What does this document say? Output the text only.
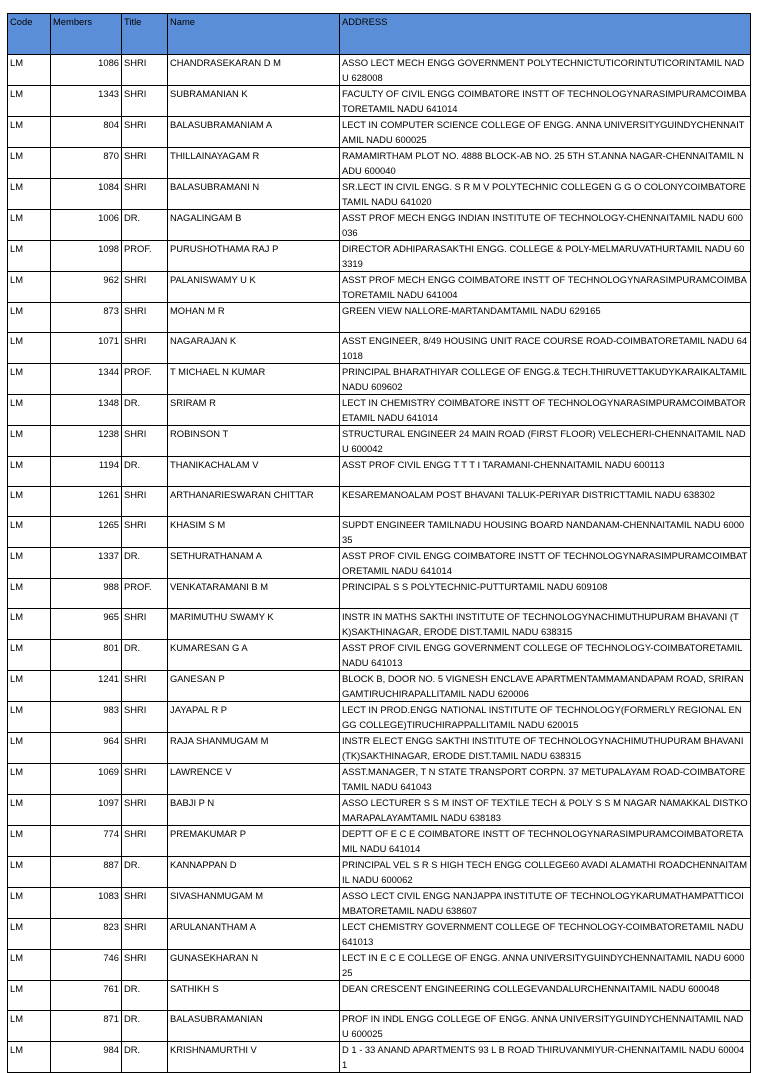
Code	Members	Title	Name	ADDRESS
LM	1086	SHRI	CHANDRASEKARAN D M	ASSO LECT MECH ENGG GOVERNMENT POLYTECHNICTUTICORINTUTICORINTAMIL NADU 628008
LM	1343	SHRI	SUBRAMANIAN K	FACULTY OF CIVIL ENGG COIMBATORE INSTT OF TECHNOLOGYNARASIMPURAMCOIMBATORETAMIL NADU 641014
LM	804	SHRI	BALASUBRAMANIAM A	LECT IN COMPUTER SCIENCE COLLEGE OF ENGG. ANNA UNIVERSITYGUINDYCHENNAITAMIL NADU 600025
LM	870	SHRI	THILLAINAYAGAM R	RAMAMIRTHAM PLOT NO. 4888 BLOCK-AB NO. 25 5TH ST.ANNA NAGAR-CHENNAITAMIL NADU 600040
LM	1084	SHRI	BALASUBRAMANI N	SR.LECT IN CIVIL ENGG. S R M V POLYTECHNIC COLLEGEN G G O COLONYCOIMBATORETAMIL NADU 641020
LM	1006	DR.	NAGALINGAM B	ASST PROF MECH ENGG INDIAN INSTITUTE OF TECHNOLOGY-CHENNAITAMIL NADU 600036
LM	1098	PROF.	PURUSHOTHAMA RAJ P	DIRECTOR ADHIPARASAKTHI ENGG. COLLEGE & POLY-MELMARUVATHURTAMIL NADU 603319
LM	962	SHRI	PALANISWAMY U K	ASST PROF MECH ENGG COIMBATORE INSTT OF TECHNOLOGYNARASIMPURAMCOIMBATORETAMIL NADU 641004
LM	873	SHRI	MOHAN M R	GREEN VIEW NALLORE-MARTANDAMTAMIL NADU 629165
LM	1071	SHRI	NAGARAJAN K	ASST ENGINEER, 8/49 HOUSING UNIT RACE COURSE ROAD-COIMBATORETAMIL NADU 641018
LM	1344	PROF.	T MICHAEL N KUMAR	PRINCIPAL BHARATHIYAR COLLEGE OF ENGG.& TECH.THIRUVETTAKUDYKARAIKALTAMIL NADU 609602
LM	1348	DR.	SRIRAM R	LECT IN CHEMISTRY COIMBATORE INSTT OF TECHNOLOGYNARASIMPURAMCOIMBATORETAMIL NADU 641014
LM	1238	SHRI	ROBINSON T	STRUCTURAL ENGINEER 24 MAIN ROAD (FIRST FLOOR) VELECHERI-CHENNAITAMIL NADU 600042
LM	1194	DR.	THANIKACHALAM V	ASST PROF CIVIL ENGG T T T I TARAMANI-CHENNAITAMIL NADU 600113
LM	1261	SHRI	ARTHANARIESWARAN CHITTAR	KESAREMANOALAM POST BHAVANI TALUK-PERIYAR DISTRICTTAMIL NADU 638302
LM	1265	SHRI	KHASIM S M	SUPDT ENGINEER TAMILNADU HOUSING BOARD NANDANAM-CHENNAITAMIL NADU 600035
LM	1337	DR.	SETHURATHANAM A	ASST PROF CIVIL ENGG COIMBATORE INSTT OF TECHNOLOGYNARASIMPURAMCOIMBATORETAMIL NADU 641014
LM	988	PROF.	VENKATARAMANI B M	PRINCIPAL S S POLYTECHNIC-PUTTURTAMIL NADU 609108
LM	965	SHRI	MARIMUTHU SWAMY K	INSTR IN MATHS SAKTHI INSTITUTE OF TECHNOLOGYNACHIMUTHUPURAM BHAVANI (TK)SAKTHINAGAR, ERODE DIST.TAMIL NADU 638315
LM	801	DR.	KUMARESAN G A	ASST PROF CIVIL ENGG GOVERNMENT COLLEGE OF TECHNOLOGY-COIMBATORETAMIL NADU 641013
LM	1241	SHRI	GANESAN P	BLOCK B, DOOR NO. 5 VIGNESH ENCLAVE APARTMENTAMMAMANDAPAM ROAD, SRIRANGAMTIRUCHIRAPALLITAMIL NADU 620006
LM	983	SHRI	JAYAPAL R P	LECT IN PROD.ENGG NATIONAL INSTITUTE OF TECHNOLOGY(FORMERLY REGIONAL ENGG COLLEGE)TIRUCHIRAPPALLITAMIL NADU 620015
LM	964	SHRI	RAJA SHANMUGAM M	INSTR ELECT ENGG SAKTHI INSTITUTE OF TECHNOLOGYNACHIMUTHUPURAM BHAVANI (TK)SAKTHINAGAR, ERODE DIST.TAMIL NADU 638315
LM	1069	SHRI	LAWRENCE V	ASST.MANAGER, T N STATE TRANSPORT CORPN. 37 METUPALAYAM ROAD-COIMBATORETAMIL NADU 641043
LM	1097	SHRI	BABJI P N	ASSO LECTURER S S M INST OF TEXTILE TECH & POLY S S M NAGAR NAMAKKAL DISTKOMARAPALAYAMTAMIL NADU 638183
LM	774	SHRI	PREMAKUMAR P	DEPTT OF E C E COIMBATORE INSTT OF TECHNOLOGYNARASIMPURAMCOIMBATORETAMIL NADU 641014
LM	887	DR.	KANNAPPAN D	PRINCIPAL VEL S R S HIGH TECH ENGG COLLEGE60 AVADI ALAMATHI ROADCHENNAITAMIL NADU 600062
LM	1083	SHRI	SIVASHANMUGAM M	ASSO LECT CIVIL ENGG NANJAPPA INSTITUTE OF TECHNOLOGYKARUMATHAMPATTICOIMBATORETAMIL NADU 638607
LM	823	SHRI	ARULANANTHAM A	LECT CHEMISTRY GOVERNMENT COLLEGE OF TECHNOLOGY-COIMBATORETAMIL NADU 641013
LM	746	SHRI	GUNASEKHARAN N	LECT IN E C E COLLEGE OF ENGG. ANNA UNIVERSITYGUINDYCHENNAITAMIL NADU 600025
LM	761	DR.	SATHIKH S	DEAN CRESCENT ENGINEERING COLLEGEVANDALURCHENNAITAMIL NADU 600048
LM	871	DR.	BALASUBRAMANIAN	PROF IN INDL ENGG COLLEGE OF ENGG. ANNA UNIVERSITYGUINDYCHENNAITAMIL NADU 600025
LM	984	DR.	KRISHNAMURTHI V	D 1 - 33 ANAND APARTMENTS 93 L B ROAD THIRUVANMIYUR-CHENNAITAMIL NADU 600041
